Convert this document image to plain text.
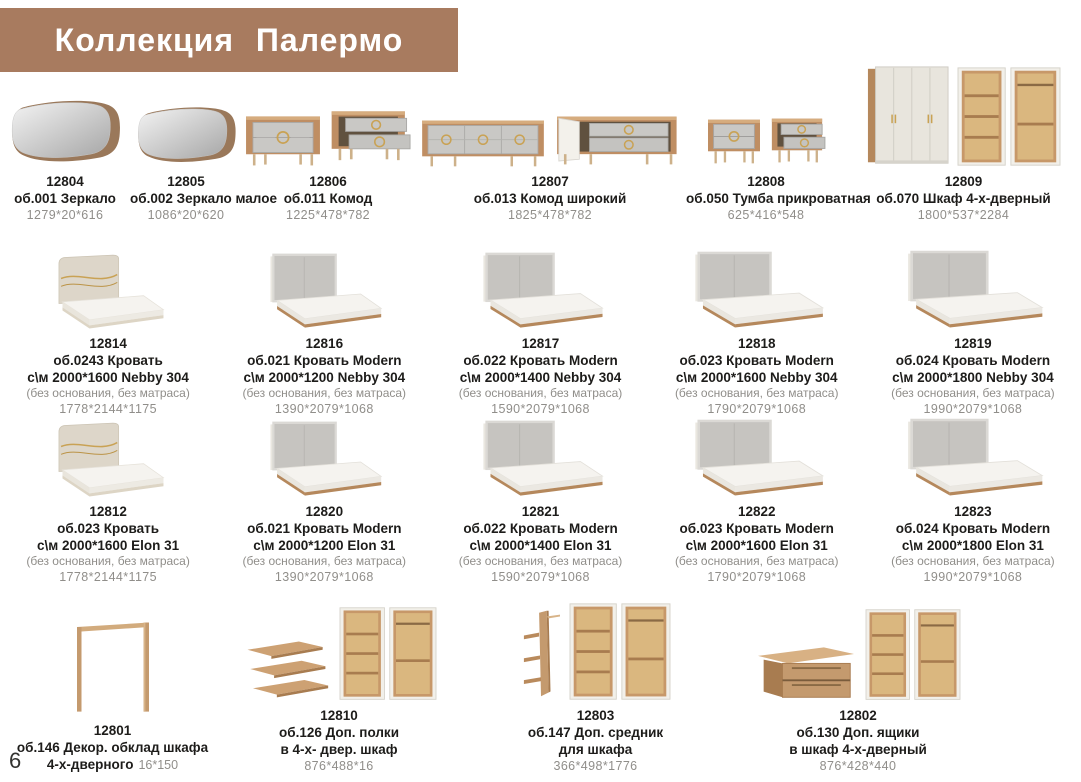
Коллекция Палермо
12804
об.001 Зеркало
1279*20*616
12805
об.002 Зеркало малое
1086*20*620
12806
об.011 Комод
1225*478*782
12807
об.013 Комод широкий
1825*478*782
12808
об.050 Тумба прикроватная
625*416*548
12809
об.070 Шкаф 4-х-дверный
1800*537*2284
12814
об.0243 Кровать
с\м 2000*1600 Nebby 304
(без основания, без матраса)
1778*2144*1175
12816
об.021 Кровать Modern
с\м 2000*1200 Nebby 304
(без основания, без матраса)
1390*2079*1068
12817
об.022 Кровать Modern
с\м 2000*1400 Nebby 304
(без основания, без матраса)
1590*2079*1068
12818
об.023 Кровать Modern
с\м 2000*1600 Nebby 304
(без основания, без матраса)
1790*2079*1068
12819
об.024 Кровать Modern
с\м 2000*1800 Nebby 304
(без основания, без матраса)
1990*2079*1068
12812
об.023 Кровать
с\м 2000*1600 Elon 31
(без основания, без матраса)
1778*2144*1175
12820
об.021 Кровать Modern
с\м 2000*1200 Elon 31
(без основания, без матраса)
1390*2079*1068
12821
об.022 Кровать Modern
с\м 2000*1400 Elon 31
(без основания, без матраса)
1590*2079*1068
12822
об.023 Кровать Modern
с\м 2000*1600 Elon 31
(без основания, без матраса)
1790*2079*1068
12823
об.024 Кровать Modern
с\м 2000*1800 Elon 31
(без основания, без матраса)
1990*2079*1068
12801
об.146 Декор. обклад шкафа
4-х-дверного 16*150
12810
об.126 Доп. полки
в 4-х- двер. шкаф
876*488*16
12803
об.147 Доп. средник
для шкафа
366*498*1776
12802
об.130 Доп. ящики
в шкаф 4-х-дверный
876*428*440
6
